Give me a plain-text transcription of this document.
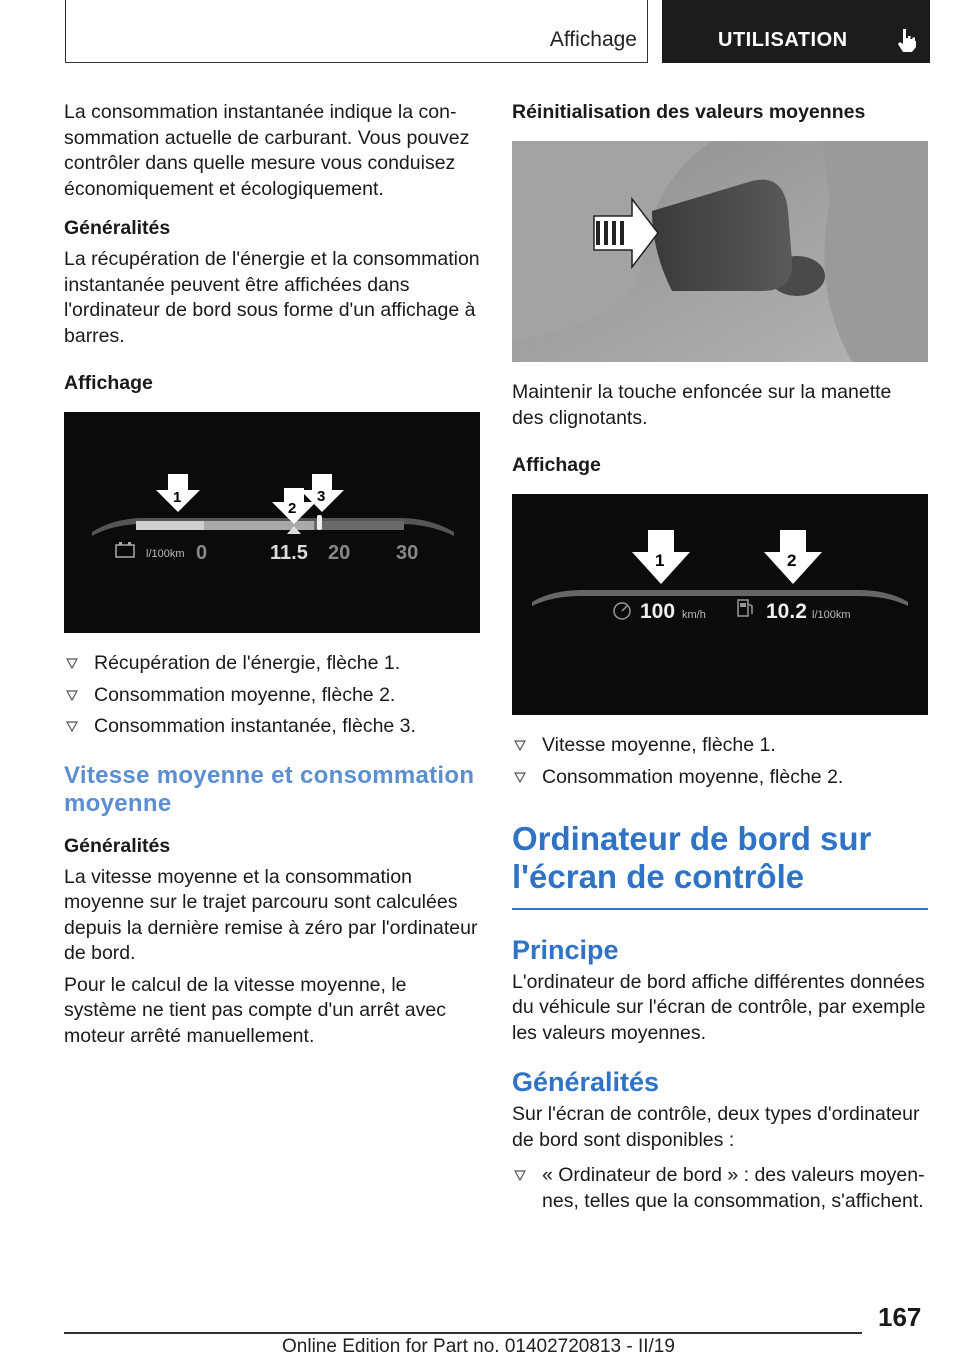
Affichage	UTILISATION

La consommation instantanée indique la consommation actuelle de carburant. Vous pouvez contrôler dans quelle mesure vous conduisez économiquement et écologiquement.

Généralités

La récupération de l'énergie et la consommation instantanée peuvent être affichées dans l'ordinateur de bord sous forme d'un affichage à barres.

Affichage
l/100km 0	11.5 20 30
1
2
3
Récupération de l'énergie, flèche 1.
Consommation moyenne, flèche 2.
Consommation instantanée, flèche 3.
Vitesse moyenne et consommation moyenne
Généralités

La vitesse moyenne et la consommation moyenne sur le trajet parcouru sont calculées depuis la dernière remise à zéro par l'ordinateur de bord.

Pour le calcul de la vitesse moyenne, le système ne tient pas compte d'un arrêt avec moteur arrêté manuellement.

Réinitialisation des valeurs moyennes

Maintenir la touche enfoncée sur la manette des clignotants.

Affichage
100 km/h	10.2 l/100km
1	2
Vitesse moyenne, flèche 1.
Consommation moyenne, flèche 2.
Ordinateur de bord sur l'écran de contrôle
Principe

L'ordinateur de bord affiche différentes données du véhicule sur l'écran de contrôle, par exemple les valeurs moyennes.

Généralités

Sur l'écran de contrôle, deux types d'ordinateur de bord sont disponibles :

« Ordinateur de bord » : des valeurs moyennes, telles que la consommation, s'affichent.
167
Online Edition for Part no. 01402720813 - II/19
